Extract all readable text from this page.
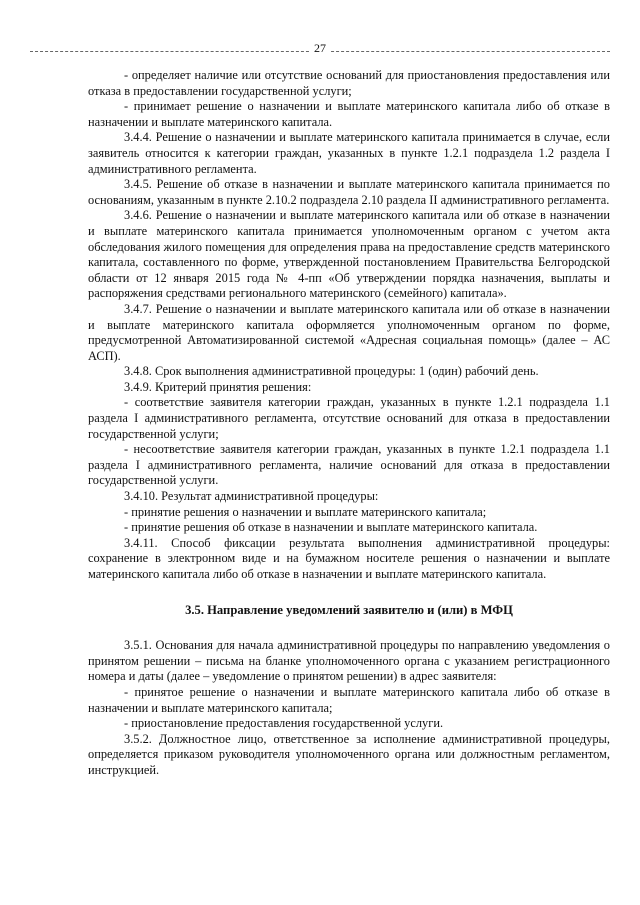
27

- определяет наличие или отсутствие оснований для приостановления предоставления или отказа в предоставлении государственной услуги;

- принимает решение о назначении и выплате материнского капитала либо об отказе в назначении и выплате материнского капитала.

3.4.4. Решение о назначении и выплате материнского капитала принимается в случае, если заявитель относится к категории граждан, указанных в пункте 1.2.1 подраздела 1.2 раздела I административного регламента.

3.4.5. Решение об отказе в назначении и выплате материнского капитала принимается по основаниям, указанным в пункте 2.10.2 подраздела 2.10 раздела II административного регламента.

3.4.6. Решение о назначении и выплате материнского капитала или об отказе в назначении и выплате материнского капитала принимается уполномоченным органом с учетом акта обследования жилого помещения для определения права на предоставление средств материнского капитала, составленного по форме, утвержденной постановлением Правительства Белгородской области от 12 января 2015 года № 4-пп «Об утверждении порядка назначения, выплаты и распоряжения средствами регионального материнского (семейного) капитала».

3.4.7. Решение о назначении и выплате материнского капитала или об отказе в назначении и выплате материнского капитала оформляется уполномоченным органом по форме, предусмотренной Автоматизированной системой «Адресная социальная помощь» (далее – АС АСП).

3.4.8. Срок выполнения административной процедуры: 1 (один) рабочий день.

3.4.9. Критерий принятия решения:

- соответствие заявителя категории граждан, указанных в пункте 1.2.1 подраздела 1.1 раздела I административного регламента, отсутствие оснований для отказа в предоставлении государственной услуги;

- несоответствие заявителя категории граждан, указанных в пункте 1.2.1 подраздела 1.1 раздела I административного регламента, наличие оснований для отказа в предоставлении государственной услуги.

3.4.10. Результат административной процедуры:

- принятие решения о назначении и выплате материнского капитала;

- принятие решения об отказе в назначении и выплате материнского капитала.

3.4.11. Способ фиксации результата выполнения административной процедуры: сохранение в электронном виде и на бумажном носителе решения о назначении и выплате материнского капитала либо об отказе в назначении и выплате материнского капитала.

3.5. Направление уведомлений заявителю и (или) в МФЦ

3.5.1. Основания для начала административной процедуры по направлению уведомления о принятом решении – письма на бланке уполномоченного органа с указанием регистрационного номера и даты (далее – уведомление о принятом решении) в адрес заявителя:

- принятое решение о назначении и выплате материнского капитала либо об отказе в назначении и выплате материнского капитала;

- приостановление предоставления государственной услуги.

3.5.2. Должностное лицо, ответственное за исполнение административной процедуры, определяется приказом руководителя уполномоченного органа или должностным регламентом, инструкцией.
